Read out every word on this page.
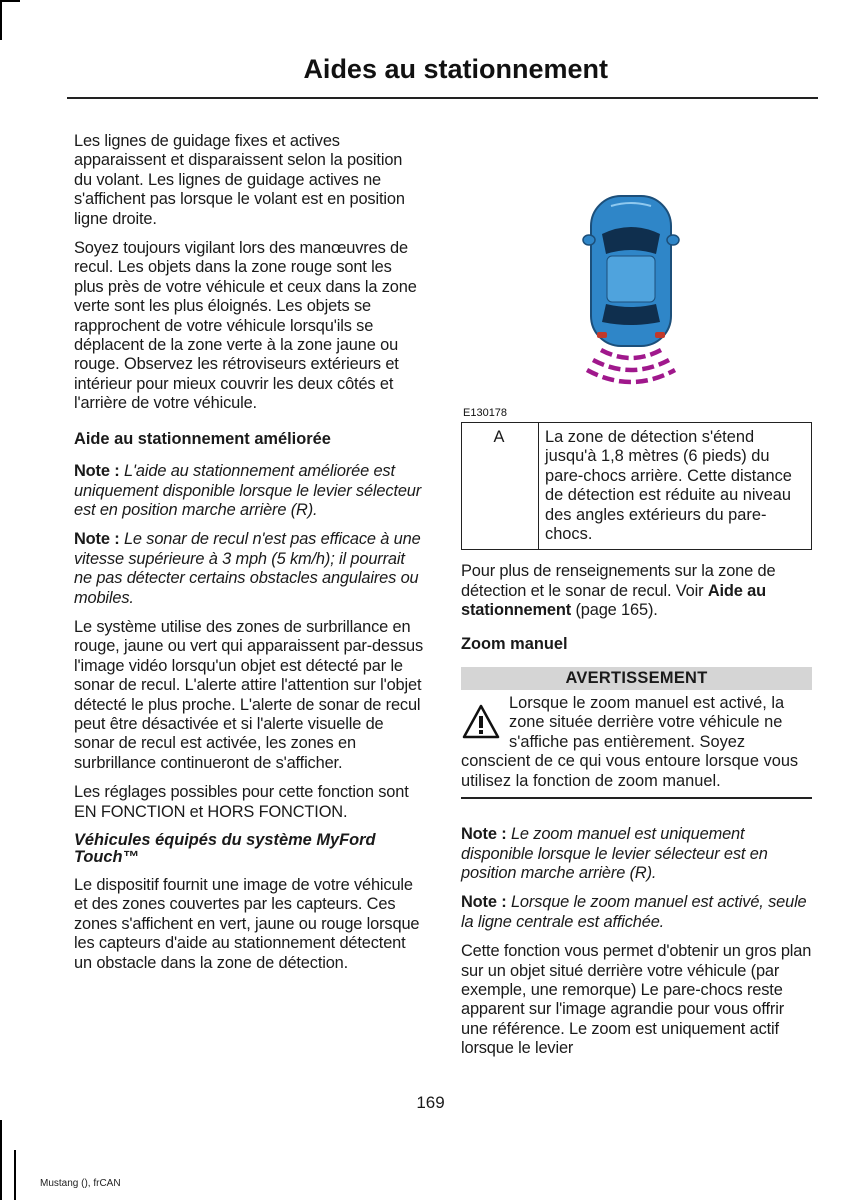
Aides au stationnement

Les lignes de guidage fixes et actives apparaissent et disparaissent selon la position du volant. Les lignes de guidage actives ne s'affichent pas lorsque le volant est en position ligne droite.

Soyez toujours vigilant lors des manœuvres de recul. Les objets dans la zone rouge sont les plus près de votre véhicule et ceux dans la zone verte sont les plus éloignés. Les objets se rapprochent de votre véhicule lorsqu'ils se déplacent de la zone verte à la zone jaune ou rouge. Observez les rétroviseurs extérieurs et intérieur pour mieux couvrir les deux côtés et l'arrière de votre véhicule.

Aide au stationnement améliorée

Note : L'aide au stationnement améliorée est uniquement disponible lorsque le levier sélecteur est en position marche arrière (R).

Note : Le sonar de recul n'est pas efficace à une vitesse supérieure à 3 mph (5 km/h); il pourrait ne pas détecter certains obstacles angulaires ou mobiles.

Le système utilise des zones de surbrillance en rouge, jaune ou vert qui apparaissent par-dessus l'image vidéo lorsqu'un objet est détecté par le sonar de recul. L'alerte attire l'attention sur l'objet détecté le plus proche. L'alerte de sonar de recul peut être désactivée et si l'alerte visuelle de sonar de recul est activée, les zones en surbrillance continueront de s'afficher.

Les réglages possibles pour cette fonction sont EN FONCTION et HORS FONCTION.

Véhicules équipés du système MyFord Touch™

Le dispositif fournit une image de votre véhicule et des zones couvertes par les capteurs. Ces zones s'affichent en vert, jaune ou rouge lorsque les capteurs d'aide au stationnement détectent un obstacle dans la zone de détection.

E130178
A	La zone de détection s'étend jusqu'à 1,8 mètres (6 pieds) du pare-chocs arrière. Cette distance de détection est réduite au niveau des angles extérieurs du pare-chocs.

Pour plus de renseignements sur la zone de détection et le sonar de recul. Voir Aide au stationnement (page 165).

Zoom manuel
AVERTISSEMENT
Lorsque le zoom manuel est activé, la zone située derrière votre véhicule ne s'affiche pas entièrement. Soyez conscient de ce qui vous entoure lorsque vous utilisez la fonction de zoom manuel.

Note : Le zoom manuel est uniquement disponible lorsque le levier sélecteur est en position marche arrière (R).

Note : Lorsque le zoom manuel est activé, seule la ligne centrale est affichée.

Cette fonction vous permet d'obtenir un gros plan sur un objet situé derrière votre véhicule (par exemple, une remorque) Le pare-chocs reste apparent sur l'image agrandie pour vous offrir une référence. Le zoom est uniquement actif lorsque le levier

169
Mustang (), frCAN
